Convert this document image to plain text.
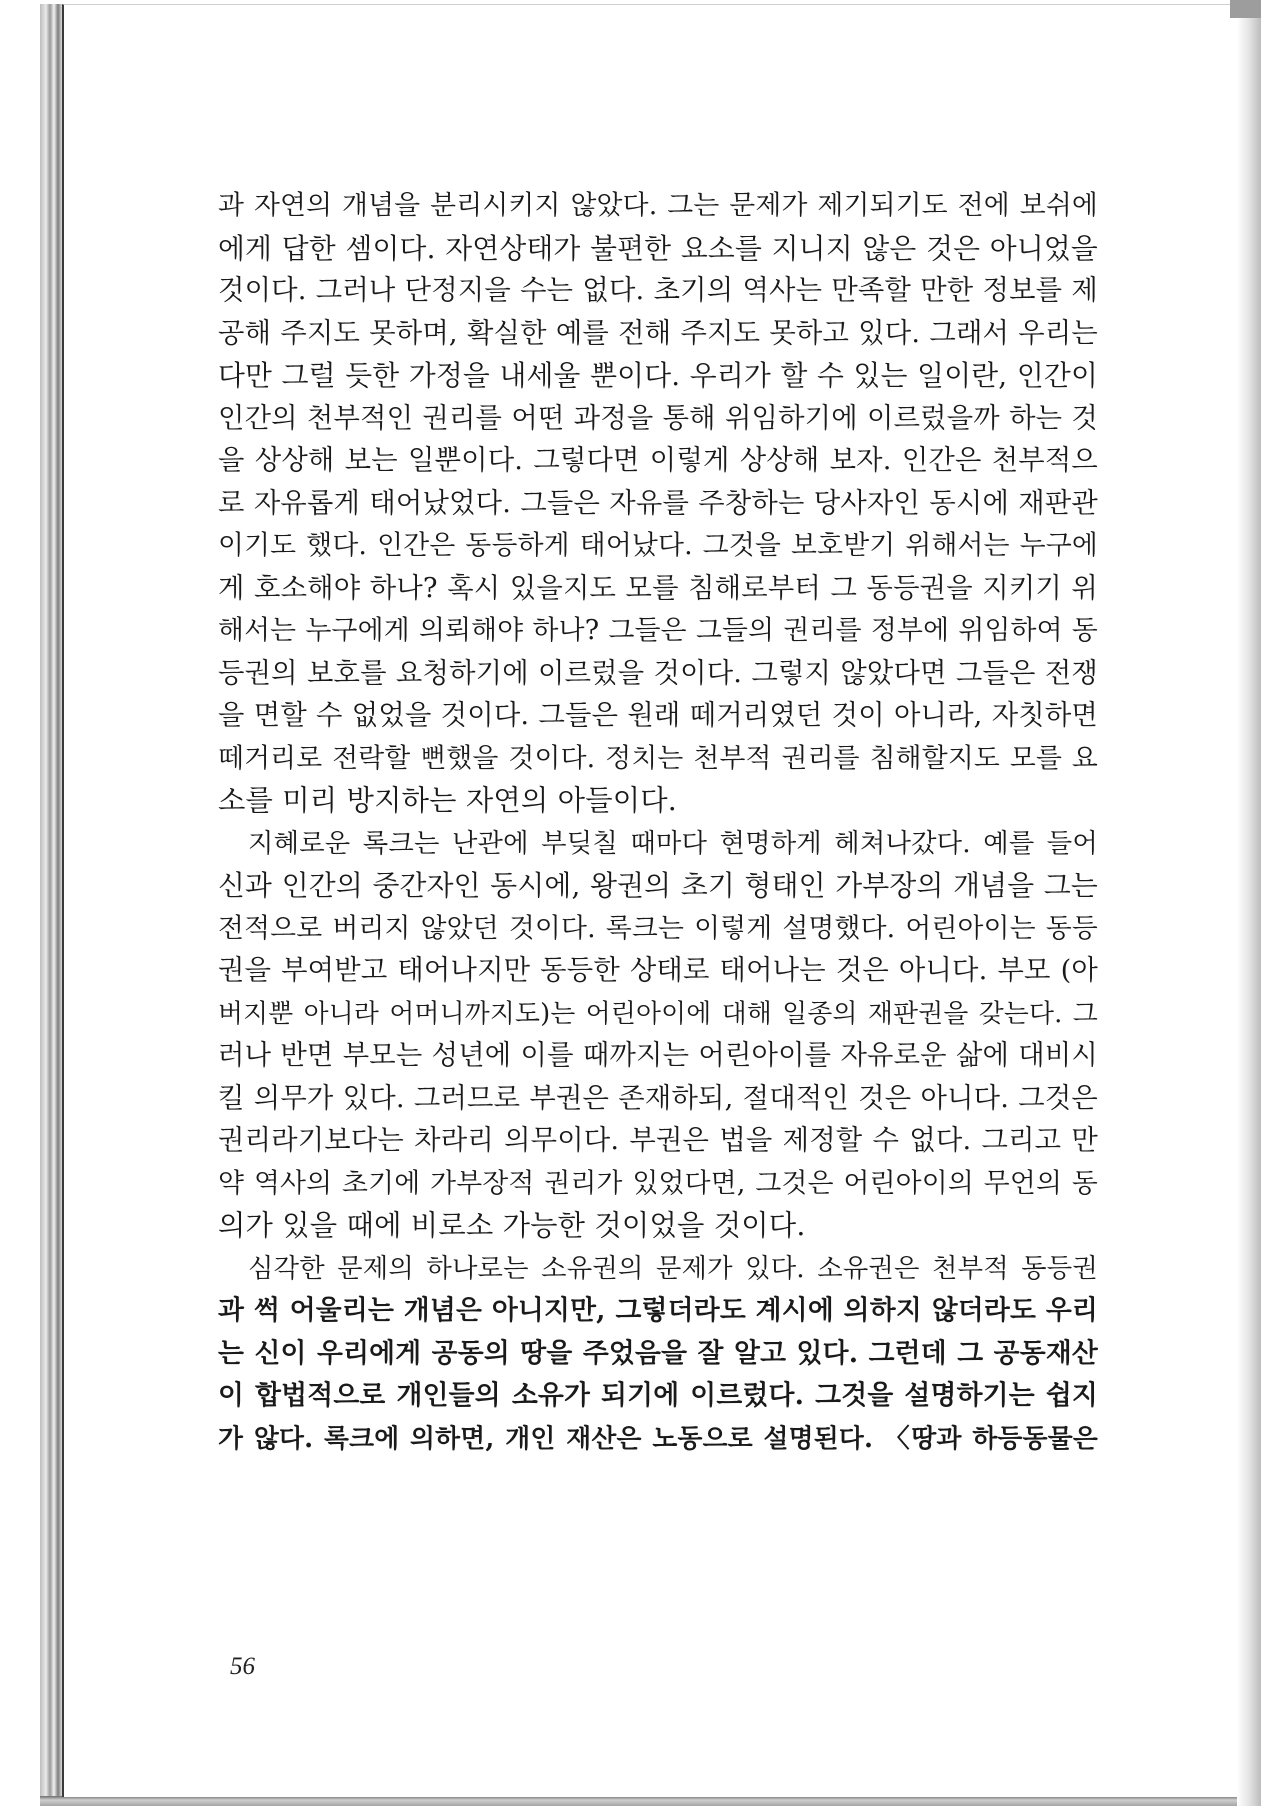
과 자연의 개념을 분리시키지 않았다. 그는 문제가 제기되기도 전에 보쉬에
에게 답한 셈이다. 자연상태가 불편한 요소를 지니지 않은 것은 아니었을
것이다. 그러나 단정지을 수는 없다. 초기의 역사는 만족할 만한 정보를 제
공해 주지도 못하며, 확실한 예를 전해 주지도 못하고 있다. 그래서 우리는
다만 그럴 듯한 가정을 내세울 뿐이다. 우리가 할 수 있는 일이란, 인간이
인간의 천부적인 권리를 어떤 과정을 통해 위임하기에 이르렀을까 하는 것
을 상상해 보는 일뿐이다. 그렇다면 이렇게 상상해 보자. 인간은 천부적으
로 자유롭게 태어났었다. 그들은 자유를 주창하는 당사자인 동시에 재판관
이기도 했다. 인간은 동등하게 태어났다. 그것을 보호받기 위해서는 누구에
게 호소해야 하나? 혹시 있을지도 모를 침해로부터 그 동등권을 지키기 위
해서는 누구에게 의뢰해야 하나? 그들은 그들의 권리를 정부에 위임하여 동
등권의 보호를 요청하기에 이르렀을 것이다. 그렇지 않았다면 그들은 전쟁
을 면할 수 없었을 것이다. 그들은 원래 떼거리였던 것이 아니라, 자칫하면
떼거리로 전락할 뻔했을 것이다. 정치는 천부적 권리를 침해할지도 모를 요
소를 미리 방지하는 자연의 아들이다.
지혜로운 록크는 난관에 부딪칠 때마다 현명하게 헤쳐나갔다. 예를 들어
신과 인간의 중간자인 동시에, 왕권의 초기 형태인 가부장의 개념을 그는
전적으로 버리지 않았던 것이다. 록크는 이렇게 설명했다. 어린아이는 동등
권을 부여받고 태어나지만 동등한 상태로 태어나는 것은 아니다. 부모 (아
버지뿐 아니라 어머니까지도)는 어린아이에 대해 일종의 재판권을 갖는다. 그
러나 반면 부모는 성년에 이를 때까지는 어린아이를 자유로운 삶에 대비시
킬 의무가 있다. 그러므로 부권은 존재하되, 절대적인 것은 아니다. 그것은
권리라기보다는 차라리 의무이다. 부권은 법을 제정할 수 없다. 그리고 만
약 역사의 초기에 가부장적 권리가 있었다면, 그것은 어린아이의 무언의 동
의가 있을 때에 비로소 가능한 것이었을 것이다.
심각한 문제의 하나로는 소유권의 문제가 있다. 소유권은 천부적 동등권
과 썩 어울리는 개념은 아니지만, 그렇더라도 계시에 의하지 않더라도 우리
는 신이 우리에게 공동의 땅을 주었음을 잘 알고 있다. 그런데 그 공동재산
이 합법적으로 개인들의 소유가 되기에 이르렀다. 그것을 설명하기는 쉽지
가 않다. 록크에 의하면, 개인 재산은 노동으로 설명된다. 〈땅과 하등동물은

56
